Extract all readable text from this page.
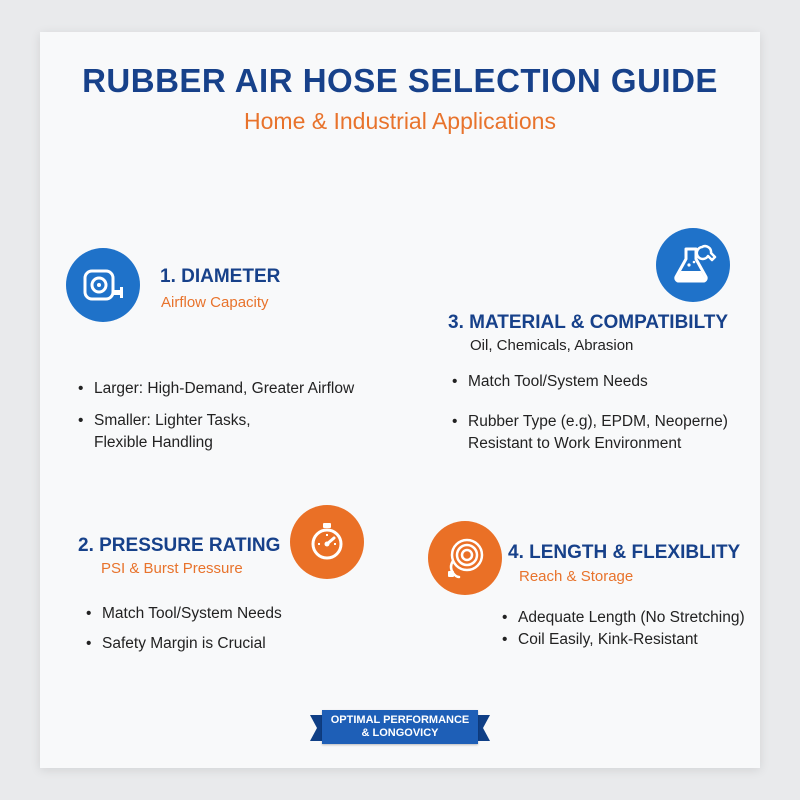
RUBBER AIR HOSE SELECTION GUIDE
Home & Industrial Applications
1. DIAMETER
Airflow Capacity
• Larger: High-Demand, Greater Airflow
• Smaller: Lighter Tasks,
Flexible Handling
3. MATERIAL & COMPATIBILTY
Oil, Chemicals, Abrasion
• Match Tool/System Needs
• Rubber Type (e.g), EPDM, Neoperne)
Resistant to Work Environment
2. PRESSURE RATING
PSI & Burst Pressure
• Match Tool/System Needs
• Safety Margin is Crucial
4. LENGTH & FLEXIBLITY
Reach & Storage
• Adequate Length (No Stretching)
• Coil Easily, Kink-Resistant
OPTIMAL PERFORMANCE
& LONGOVICY
